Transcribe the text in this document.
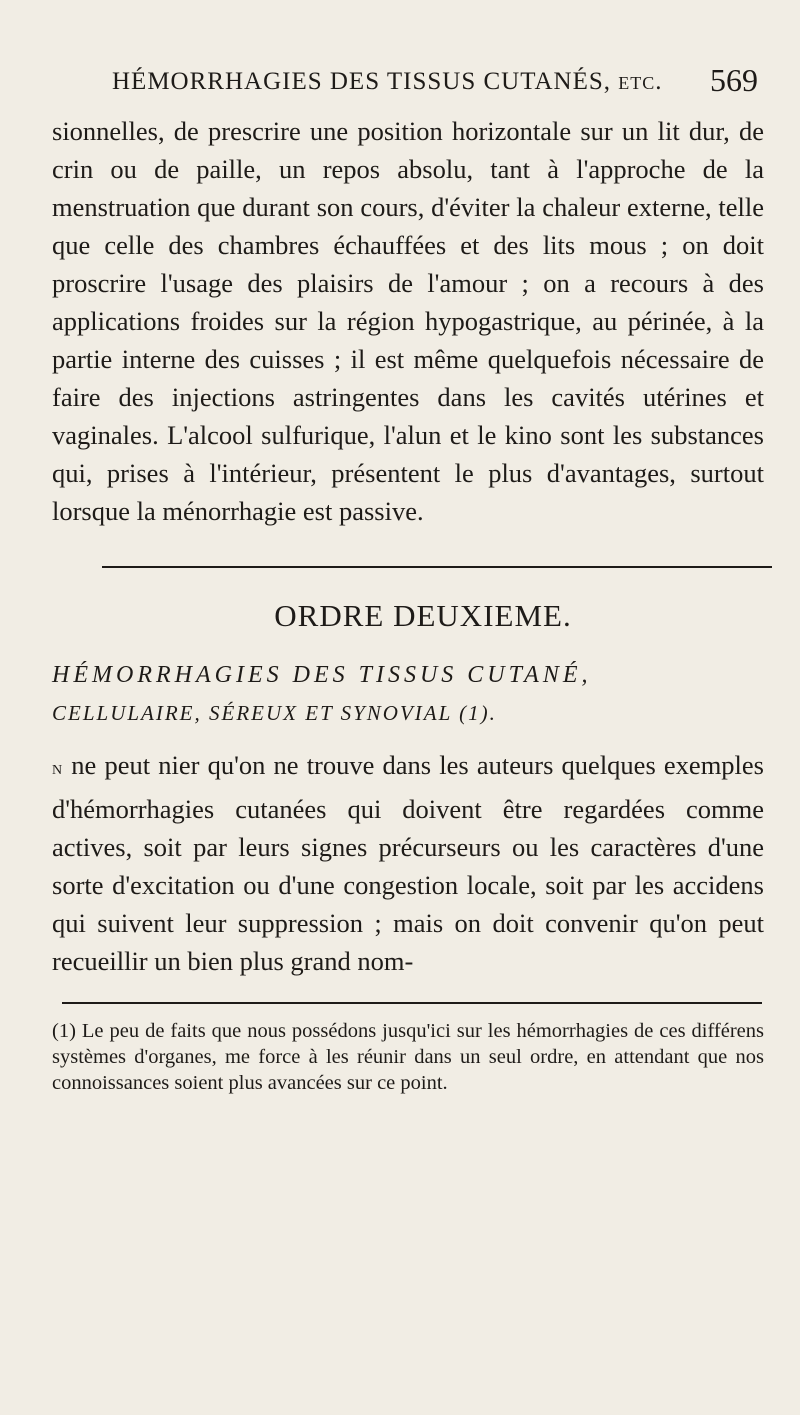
HÉMORRHAGIES DES TISSUS CUTANÉS, etc. 569

sionnelles, de prescrire une position horizontale sur un lit dur, de crin ou de paille, un repos absolu, tant à l'approche de la menstruation que durant son cours, d'éviter la chaleur externe, telle que celle des chambres échauffées et des lits mous ; on doit proscrire l'usage des plaisirs de l'amour ; on a recours à des applications froides sur la région hypogastrique, au périnée, à la partie interne des cuisses ; il est même quelquefois nécessaire de faire des injections astringentes dans les cavités utérines et vaginales. L'alcool sulfurique, l'alun et le kino sont les substances qui, prises à l'intérieur, présentent le plus d'avantages, surtout lorsque la ménorrhagie est passive.

ORDRE DEUXIEME.
HÉMORRHAGIES DES TISSUS CUTANÉ,
CELLULAIRE, SÉREUX ET SYNOVIAL (1).
N ne peut nier qu'on ne trouve dans les auteurs quelques exemples d'hémorrhagies cutanées qui doivent être regardées comme actives, soit par leurs signes précurseurs ou les caractères d'une sorte d'excitation ou d'une congestion locale, soit par les accidens qui suivent leur suppression ; mais on doit convenir qu'on peut recueillir un bien plus grand nom-
(1) Le peu de faits que nous possédons jusqu'ici sur les hémorrhagies de ces différens systèmes d'organes, me force à les réunir dans un seul ordre, en attendant que nos connoissances soient plus avancées sur ce point.
